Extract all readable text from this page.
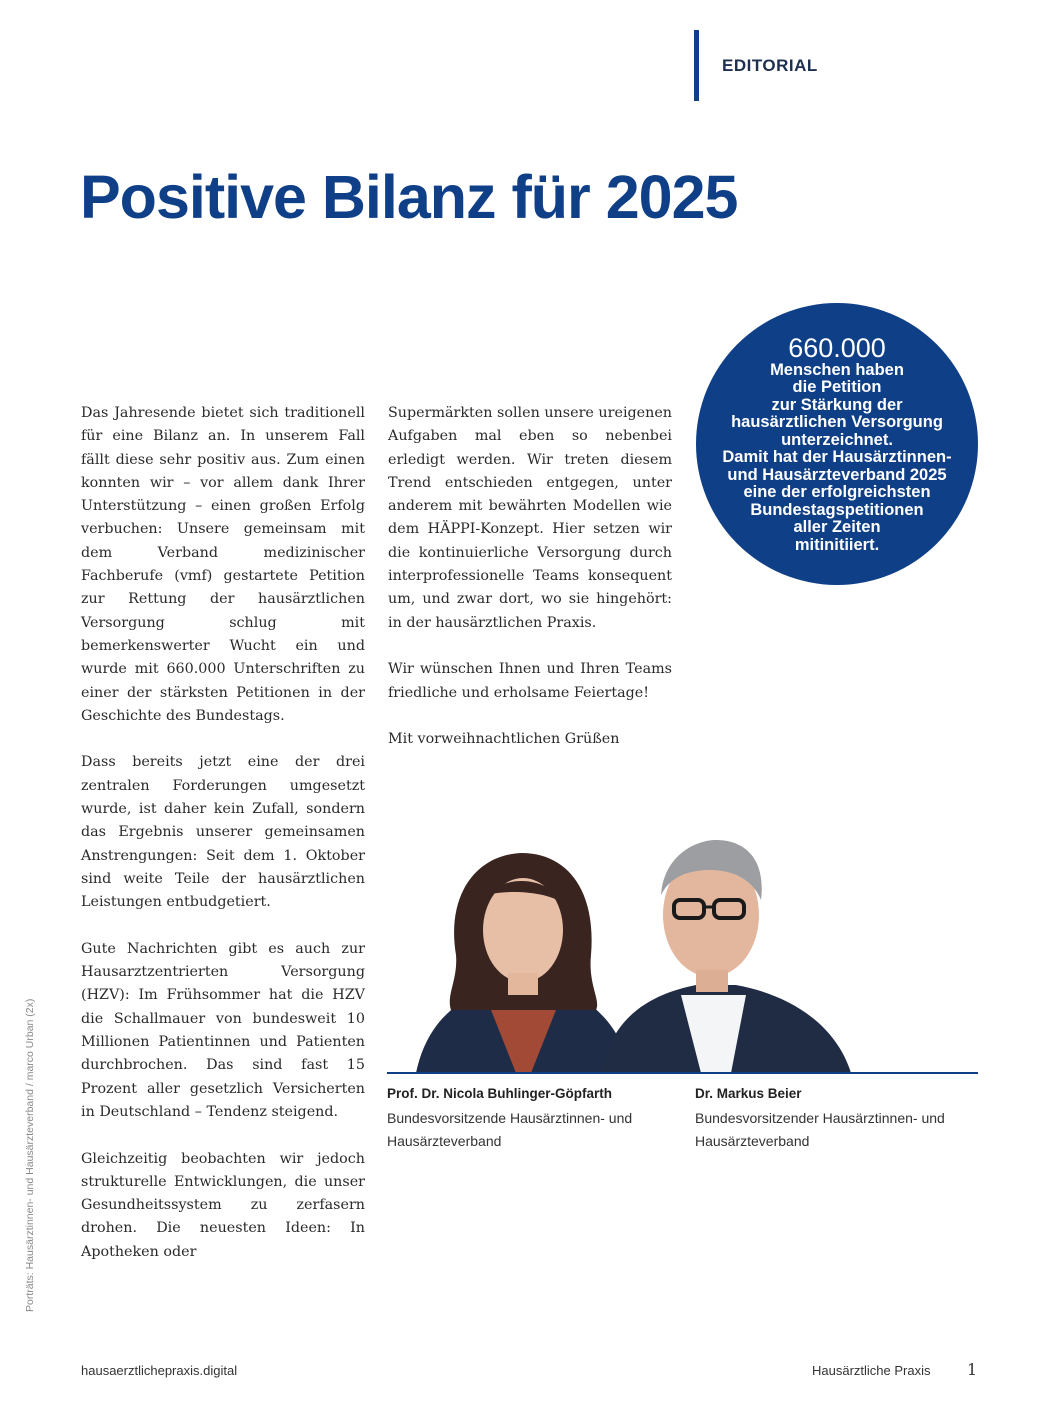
EDITORIAL
Positive Bilanz für 2025
660.000
Menschen haben
die Petition
zur Stärkung der
hausärztlichen Versorgung
unterzeichnet.
Damit hat der Hausärztinnen-
und Hausärzteverband 2025
eine der erfolgreichsten
Bundestagspetitionen
aller Zeiten
mitinitiiert.

Das Jahresende bietet sich traditionell für eine Bilanz an. In unserem Fall fällt diese sehr positiv aus. Zum einen konnten wir – vor allem dank Ihrer Unterstützung – einen großen Erfolg verbuchen: Unsere gemeinsam mit dem Verband medizinischer Fachberufe (vmf) gestartete Petition zur Rettung der hausärztlichen Versorgung schlug mit bemerkenswerter Wucht ein und wurde mit 660.000 Unterschriften zu einer der stärksten Petitionen in der Geschichte des Bundestags.

Dass bereits jetzt eine der drei zentralen Forderungen umgesetzt wurde, ist daher kein Zufall, sondern das Ergebnis unserer gemeinsamen Anstrengungen: Seit dem 1. Oktober sind weite Teile der hausärztlichen Leistungen entbudgetiert.

Gute Nachrichten gibt es auch zur Hausarztzentrierten Versorgung (HZV): Im Frühsommer hat die HZV die Schallmauer von bundesweit 10 Millionen Patientinnen und Patienten durchbrochen. Das sind fast 15 Prozent aller gesetzlich Versicherten in Deutschland – Tendenz steigend.

Gleichzeitig beobachten wir jedoch strukturelle Entwicklungen, die unser Gesundheitssystem zu zerfasern drohen. Die neuesten Ideen: In Apotheken oder

Supermärkten sollen unsere ureigenen Aufgaben mal eben so nebenbei erledigt werden. Wir treten diesem Trend entschieden entgegen, unter anderem mit bewährten Modellen wie dem HÄPPI-Konzept. Hier setzen wir die kontinuierliche Versorgung durch interprofessionelle Teams konsequent um, und zwar dort, wo sie hingehört: in der hausärztlichen Praxis.

Wir wünschen Ihnen und Ihren Teams friedliche und erholsame Feiertage!

Mit vorweihnachtlichen Grüßen

Prof. Dr. Nicola Buhlinger-Göpfarth
Bundesvorsitzende Hausärztinnen- und Hausärzteverband
Dr. Markus Beier
Bundesvorsitzender Hausärztinnen- und Hausärzteverband
Porträts: Hausärztinnen- und Hausärzteverband / marco Urban (2x)
hausaerztlichepraxis.digital	Hausärztliche Praxis 1
